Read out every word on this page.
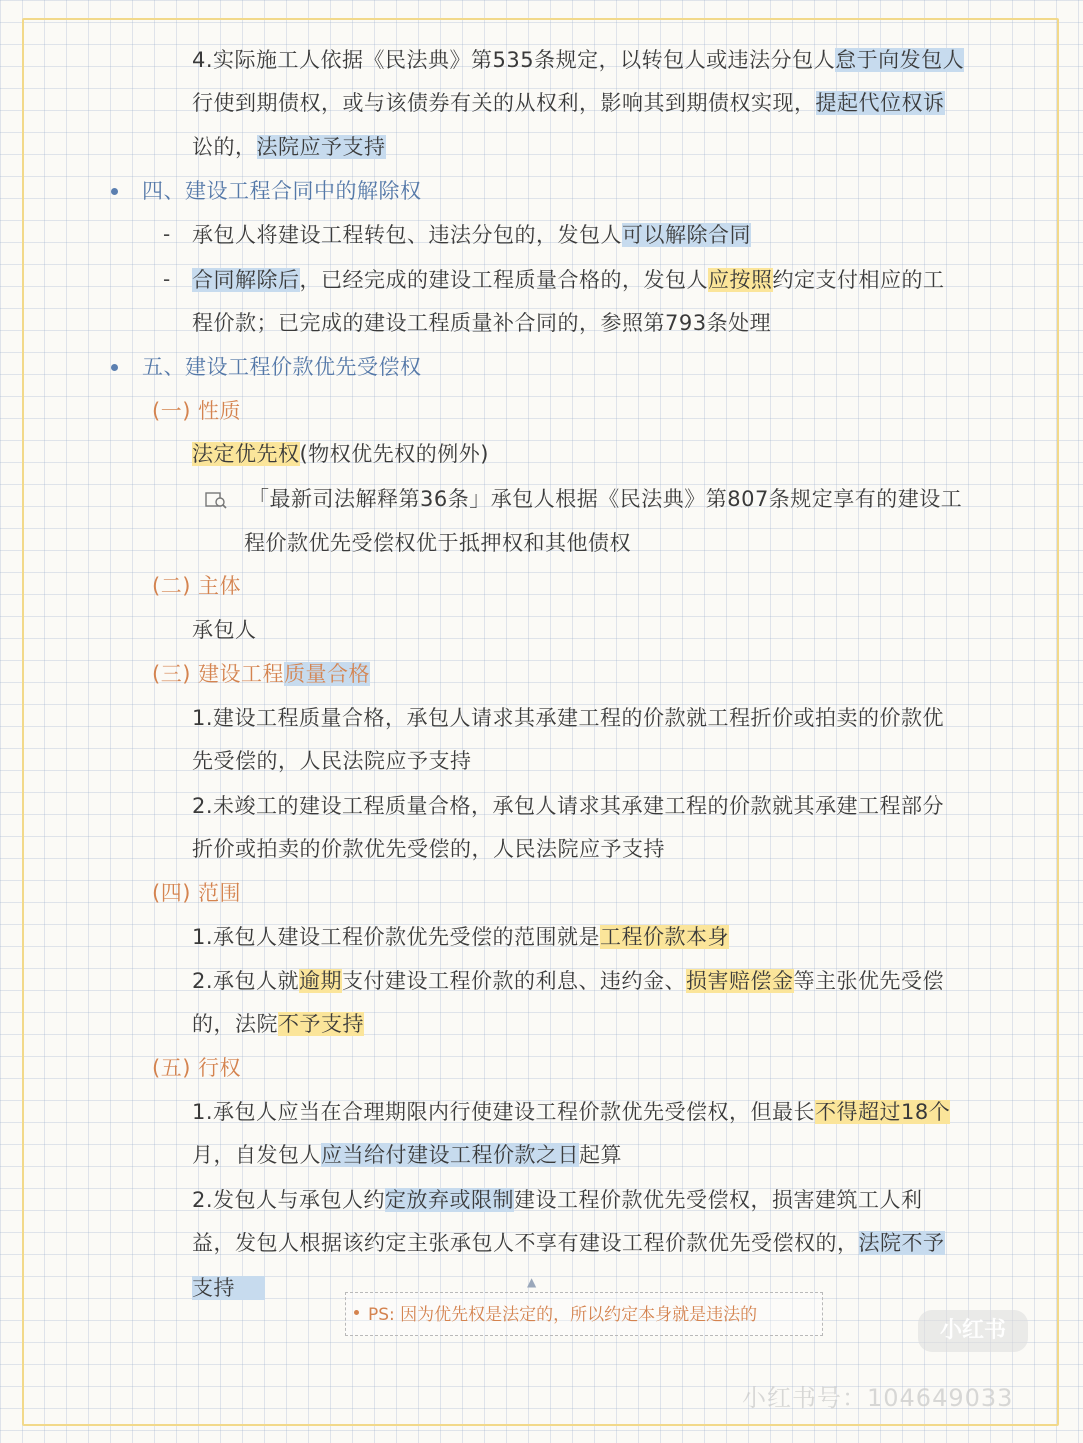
4.实际施工人依据《民法典》第535条规定，以转包人或违法分包人怠于向发包人
行使到期债权，或与该债券有关的从权利，影响其到期债权实现，提起代位权诉
讼的，法院应予支持
四、建设工程合同中的解除权
- 承包人将建设工程转包、违法分包的，发包人可以解除合同
- 合同解除后，已经完成的建设工程质量合格的，发包人应按照约定支付相应的工
程价款；已完成的建设工程质量补合同的，参照第793条处理
五、建设工程价款优先受偿权
(一) 性质
法定优先权(物权优先权的例外)
「最新司法解释第36条」承包人根据《民法典》第807条规定享有的建设工
程价款优先受偿权优于抵押权和其他债权
(二) 主体
承包人
(三) 建设工程质量合格
1.建设工程质量合格，承包人请求其承建工程的价款就工程折价或拍卖的价款优
先受偿的，人民法院应予支持
2.未竣工的建设工程质量合格，承包人请求其承建工程的价款就其承建工程部分
折价或拍卖的价款优先受偿的，人民法院应予支持
(四) 范围
1.承包人建设工程价款优先受偿的范围就是工程价款本身
2.承包人就逾期支付建设工程价款的利息、违约金、损害赔偿金等主张优先受偿
的，法院不予支持
(五) 行权
1.承包人应当在合理期限内行使建设工程价款优先受偿权，但最长不得超过18个
月，自发包人应当给付建设工程价款之日起算
2.发包人与承包人约定放弃或限制建设工程价款优先受偿权，损害建筑工人利
益，发包人根据该约定主张承包人不享有建设工程价款优先受偿权的，法院不予
支持	▲
PS: 因为优先权是法定的，所以约定本身就是违法的
小红书
小红书号：104649033
